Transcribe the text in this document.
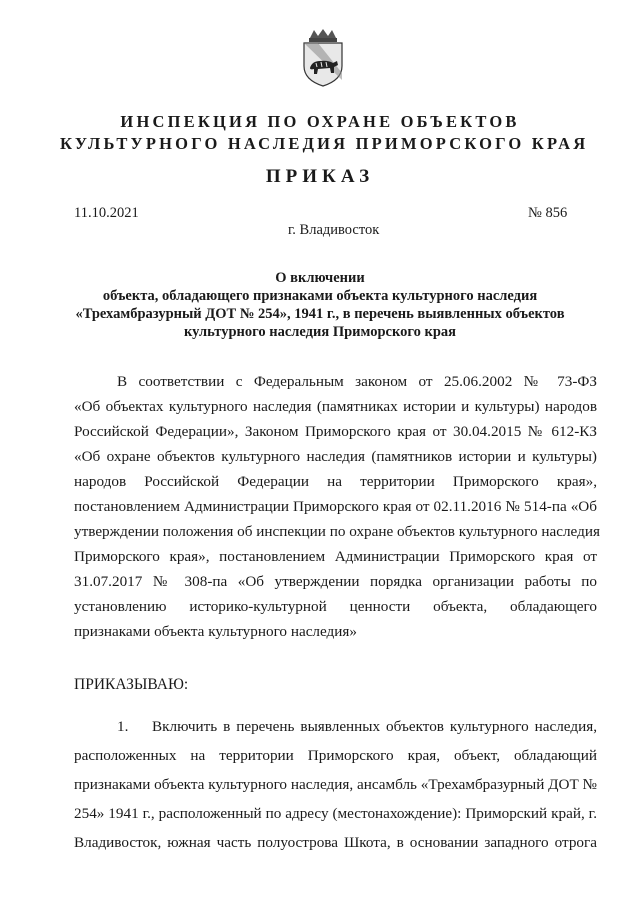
ИНСПЕКЦИЯ ПО ОХРАНЕ ОБЪЕКТОВ
КУЛЬТУРНОГО НАСЛЕДИЯ ПРИМОРСКОГО КРАЯ
ПРИКАЗ
11.10.2021	№ 856
г. Владивосток
О включении
объекта, обладающего признаками объекта культурного наследия
«Трехамбразурный ДОТ № 254», 1941 г., в перечень выявленных объектов
культурного наследия Приморского края
В соответствии с Федеральным законом от 25.06.2002 № 73-ФЗ
«Об объектах культурного наследия (памятниках истории и культуры) народов
Российской Федерации», Законом Приморского края от 30.04.2015 № 612-КЗ
«Об охране объектов культурного наследия (памятников истории и культуры)
народов Российской Федерации на территории Приморского края»,
постановлением Администрации Приморского края от 02.11.2016 № 514-па «Об
утверждении положения об инспекции по охране объектов культурного наследия
Приморского края», постановлением Администрации Приморского края от
31.07.2017 № 308-па «Об утверждении порядка организации работы по
установлению историко-культурной ценности объекта, обладающего
признаками объекта культурного наследия»
ПРИКАЗЫВАЮ:
1. Включить в перечень выявленных объектов культурного наследия,
расположенных на территории Приморского края, объект, обладающий
признаками объекта культурного наследия, ансамбль «Трехамбразурный ДОТ №
254» 1941 г., расположенный по адресу (местонахождение): Приморский край, г.
Владивосток, южная часть полуострова Шкота, в основании западного отрога
